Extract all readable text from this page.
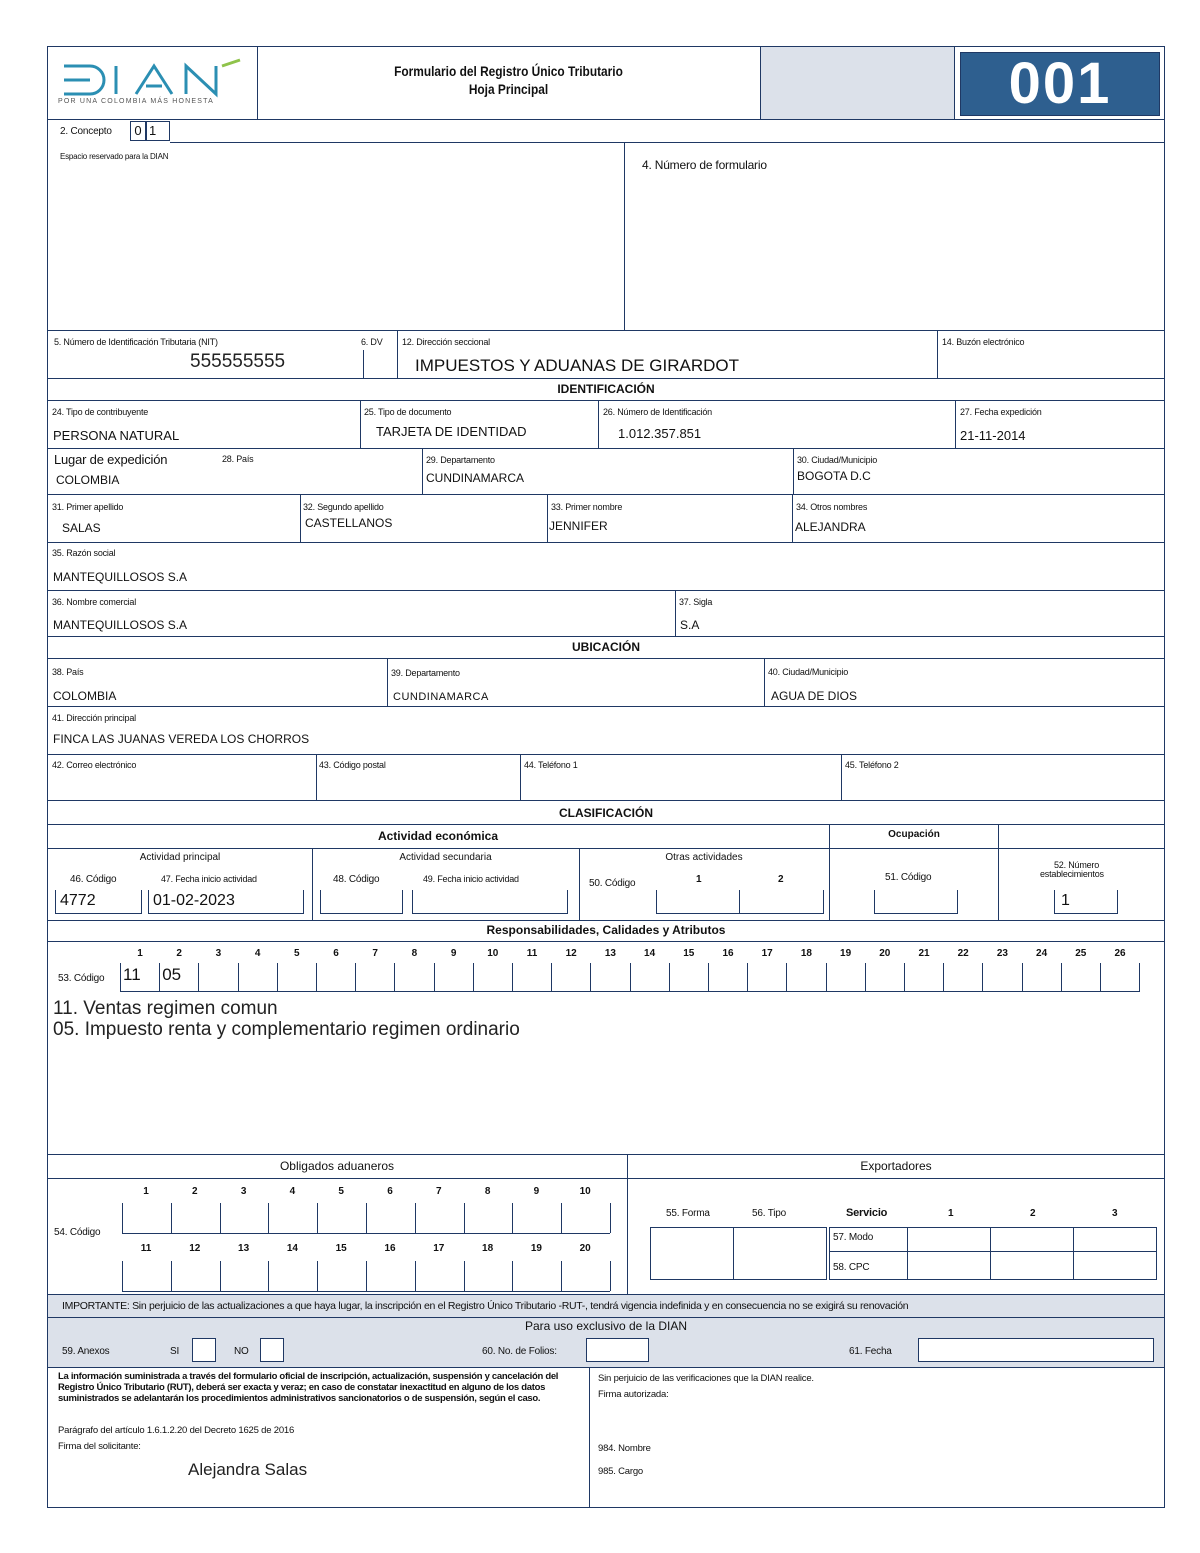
POR UNA COLOMBIA MÁS HONESTA
Formulario del Registro Único Tributario
Hoja Principal	001
2. Concepto	0 1
Espacio reservado para la DIAN
4. Número de formulario
5. Número de Identificación Tributaria (NIT)
555555555
6. DV 12. Dirección seccional
IMPUESTOS Y ADUANAS DE GIRARDOT
14. Buzón electrónico
IDENTIFICACIÓN
24. Tipo de contribuyente
PERSONA NATURAL
25. Tipo de documento
TARJETA DE IDENTIDAD
26. Número de Identificación
1.012.357.851
27. Fecha expedición
21-11-2014
Lugar de expedición	28. País
COLOMBIA
29. Departamento
CUNDINAMARCA
30. Ciudad/Municipio
BOGOTA D.C
31. Primer apellido
SALAS
32. Segundo apellido
CASTELLANOS
33. Primer nombre
JENNIFER
34. Otros nombres
ALEJANDRA
35. Razón social
MANTEQUILLOSOS S.A
36. Nombre comercial
MANTEQUILLOSOS S.A
37. Sigla
S.A
UBICACIÓN
38. País
COLOMBIA
39. Departamento
CUNDINAMARCA
40. Ciudad/Municipio
AGUA DE DIOS
41. Dirección principal
FINCA LAS JUANAS VEREDA LOS CHORROS
42. Correo electrónico	43. Código postal	44. Teléfono 1	45. Teléfono 2
CLASIFICACIÓN
Actividad económica	Ocupación
Actividad principal	Actividad secundaria	Otras actividades
46. Código	47. Fecha inicio actividad
4772	01-02-2023
48. Código	49. Fecha inicio actividad	50. Código	1	2	51. Código
52. Número
establecimientos
1
Responsabilidades, Calidades y Atributos
1	2	3	4	5	6	7	8	9	10	11	12	13	14	15	16	17	18	19	20	21	22	23	24	25	26
53. Código 11 05
11. Ventas regimen comun
05. Impuesto renta y complementario regimen ordinario
Obligados aduaneros	Exportadores
54. Código
1	2	3	4	5	6	7	8	9	10
11	12	13	14	15	16	17	18	19	20
55. Forma	56. Tipo	Servicio	1	2	3
57. Modo
58. CPC
IMPORTANTE: Sin perjuicio de las actualizaciones a que haya lugar, la inscripción en el Registro Único Tributario -RUT-, tendrá vigencia indefinida y en consecuencia no se exigirá su renovación
Para uso exclusivo de la DIAN
59. Anexos	SI	NO	60. No. de Folios:	61. Fecha
La información suministrada a través del formulario oficial de inscripción, actualización, suspensión y cancelación del Registro Único Tributario (RUT), deberá ser exacta y veraz; en caso de constatar inexactitud en alguno de los datos suministrados se adelantarán los procedimientos administrativos sancionatorios o de suspensión, según el caso.
Parágrafo del artículo 1.6.1.2.20 del Decreto 1625 de 2016
Firma del solicitante:
Alejandra Salas
Sin perjuicio de las verificaciones que la DIAN realice.
Firma autorizada:
984. Nombre
985. Cargo
